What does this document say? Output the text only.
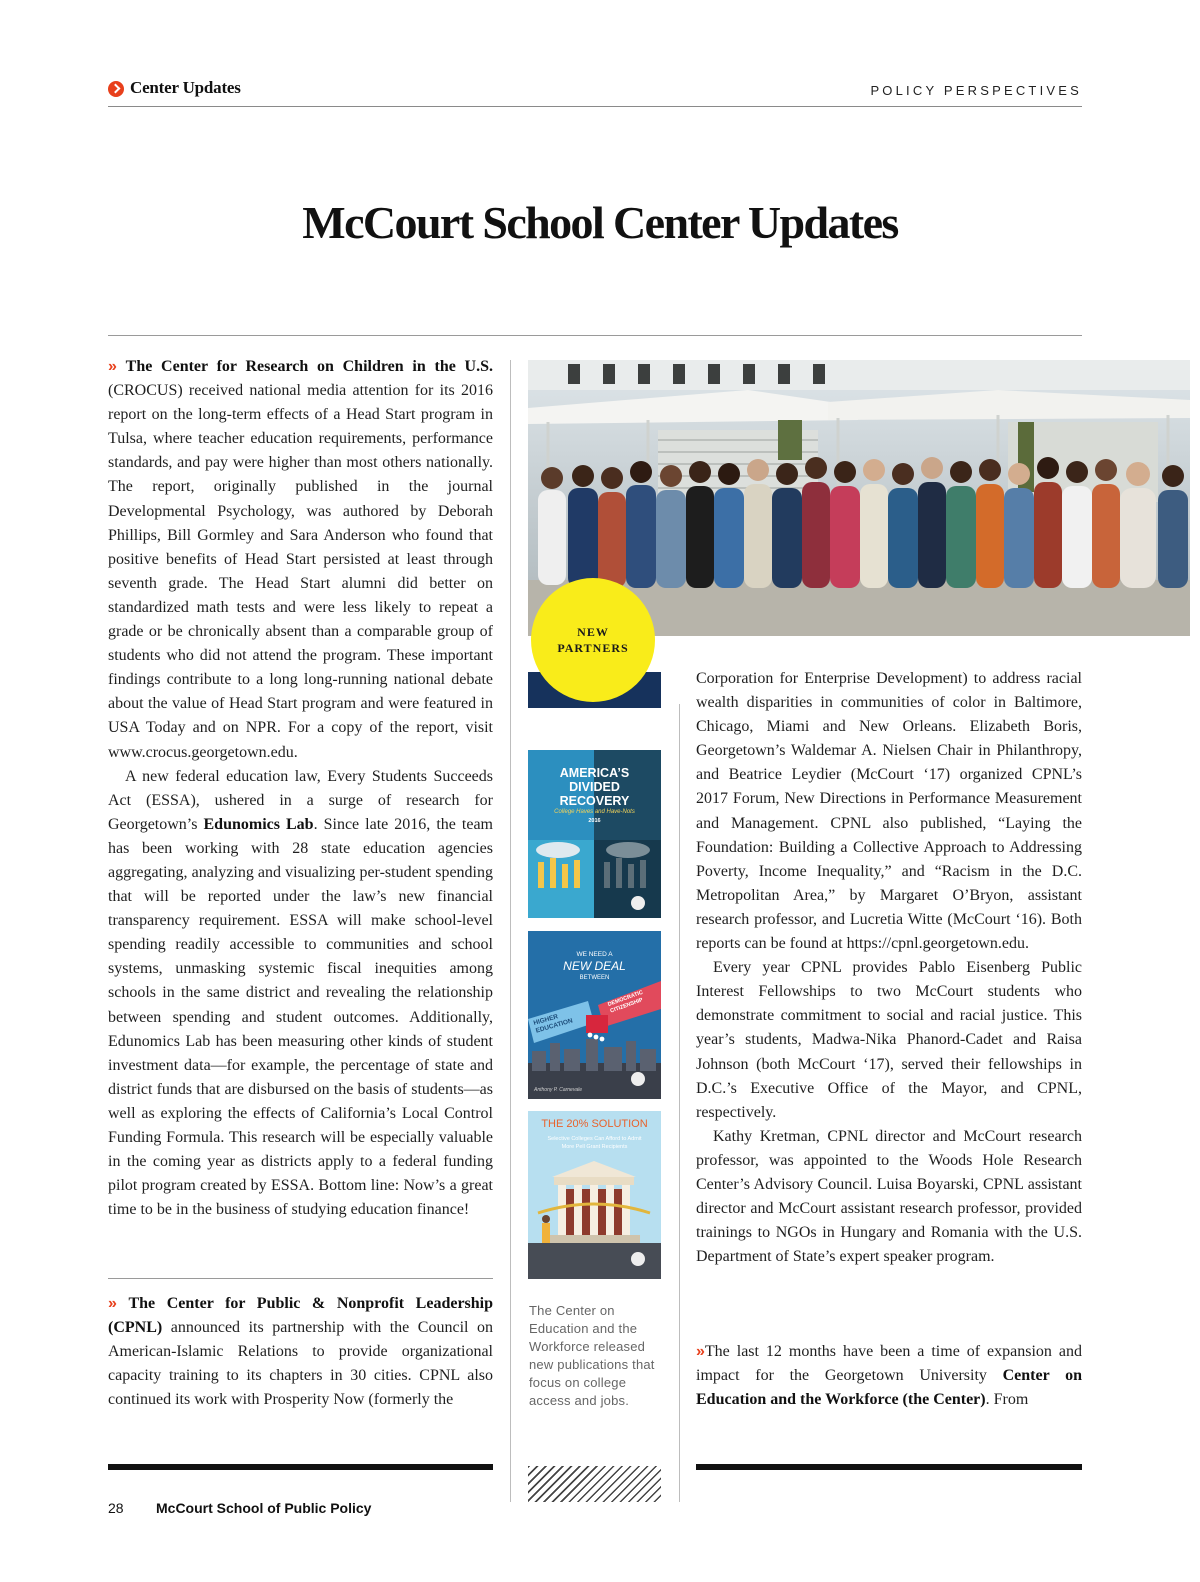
Center Updates	POLICY PERSPECTIVES

McCourt School Center Updates

» The Center for Research on Children in the U.S. (CROCUS) received national media attention for its 2016 report on the long-term effects of a Head Start program in Tulsa, where teacher education requirements, performance standards, and pay were higher than most others nationally. The report, originally published in the journal Developmental Psychology, was authored by Deborah Phillips, Bill Gormley and Sara Anderson who found that positive benefits of Head Start persisted at least through seventh grade. The Head Start alumni did better on standardized math tests and were less likely to repeat a grade or be chronically absent than a comparable group of students who did not attend the program. These important findings contribute to a long long-running national debate about the value of Head Start program and were featured in USA Today and on NPR. For a copy of the report, visit www.crocus.georgetown.edu.

A new federal education law, Every Students Succeeds Act (ESSA), ushered in a surge of research for Georgetown’s Edunomics Lab. Since late 2016, the team has been working with 28 state education agencies aggregating, analyzing and visualizing per-student spending that will be reported under the law’s new financial transparency requirement. ESSA will make school-level spending readily accessible to communities and school systems, unmasking systemic fiscal inequities among schools in the same district and revealing the relationship between spending and student outcomes. Additionally, Edunomics Lab has been measuring other kinds of student investment data—for example, the percentage of state and district funds that are disbursed on the basis of students—as well as exploring the effects of California’s Local Control Funding Formula. This research will be especially valuable in the coming year as districts apply to a federal funding pilot program created by ESSA. Bottom line: Now’s a great time to be in the business of studying education finance!

» The Center for Public & Nonprofit Leadership (CPNL) announced its partnership with the Council on American-Islamic Relations to provide organizational capacity training to its chapters in 30 cities. CPNL also continued its work with Prosperity Now (formerly the

NEW
PARTNERS
AMERICA’S
DIVIDED
RECOVERY
College Haves and Have-Nots
2016
WE NEED A
NEW DEAL
BETWEEN
HIGHER EDUCATION
DEMOCRATIC CITIZENSHIP
Anthony P. Carnevale
THE 20% SOLUTION
Selective Colleges Can Afford to Admit More Pell Grant Recipients

The Center on Education and the Workforce released new publications that focus on college access and jobs.

Corporation for Enterprise Development) to address racial wealth disparities in communities of color in Baltimore, Chicago, Miami and New Orleans. Elizabeth Boris, Georgetown’s Waldemar A. Nielsen Chair in Philanthropy, and Beatrice Leydier (McCourt ‘17) organized CPNL’s 2017 Forum, New Directions in Performance Measurement and Management. CPNL also published, “Laying the Foundation: Building a Collective Approach to Addressing Poverty, Income Inequality,” and “Racism in the D.C. Metropolitan Area,” by Margaret O’Bryon, assistant research professor, and Lucretia Witte (McCourt ‘16). Both reports can be found at https://cpnl.georgetown.edu.

Every year CPNL provides Pablo Eisenberg Public Interest Fellowships to two McCourt students who demonstrate commitment to social and racial justice. This year’s students, Madwa-Nika Phanord-Cadet and Raisa Johnson (both McCourt ‘17), served their fellowships in D.C.’s Executive Office of the Mayor, and CPNL, respectively.

Kathy Kretman, CPNL director and McCourt research professor, was appointed to the Woods Hole Research Center’s Advisory Council. Luisa Boyarski, CPNL assistant director and McCourt assistant research professor, provided trainings to NGOs in Hungary and Romania with the U.S. Department of State’s expert speaker program.

»The last 12 months have been a time of expansion and impact for the Georgetown University Center on Education and the Workforce (the Center). From

28 McCourt School of Public Policy
